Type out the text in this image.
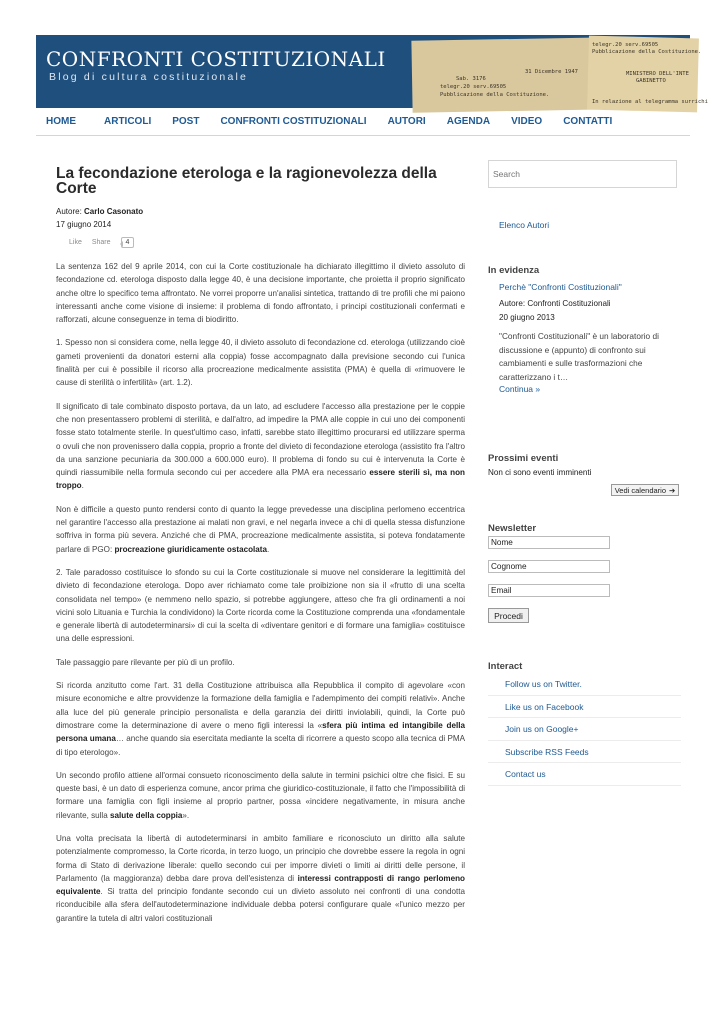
telegr.20 serv.69505
Pubblicazione della Costituzione.
Sab. 3176
31 Dicembre 1947
telegr.20 serv.69505
Pubblicazione della Costituzione.
MINISTERO DELL'INTE
GABINETTO
In relazione al telegramma surrichi
CONFRONTI COSTITUZIONALI
Blog di cultura costituzionale
HOME	ARTICOLI POST CONFRONTI COSTITUZIONALI AUTORI AGENDA VIDEO CONTATTI
La fecondazione eterologa e la ragionevolezza della Corte
Autore: Carlo Casonato
17 giugno 2014
Like Share	4

La sentenza 162 del 9 aprile 2014, con cui la Corte costituzionale ha dichiarato illegittimo il divieto assoluto di fecondazione cd. eterologa disposto dalla legge 40, è una decisione importante, che proietta il proprio significato anche oltre lo specifico tema affrontato. Ne vorrei proporre un'analisi sintetica, trattando di tre profili che mi paiono interessanti anche come visione di insieme: il problema di fondo affrontato, i principi costituzionali confermati e rafforzati, alcune conseguenze in tema di biodiritto.

1. Spesso non si considera come, nella legge 40, il divieto assoluto di fecondazione cd. eterologa (utilizzando cioè gameti provenienti da donatori esterni alla coppia) fosse accompagnato dalla previsione secondo cui l'unica finalità per cui è possibile il ricorso alla procreazione medicalmente assistita (PMA) è quella di «rimuovere le cause di sterilità o infertilità» (art. 1.2).

Il significato di tale combinato disposto portava, da un lato, ad escludere l'accesso alla prestazione per le coppie che non presentassero problemi di sterilità, e dall'altro, ad impedire la PMA alle coppie in cui uno dei componenti fosse stato totalmente sterile. In quest'ultimo caso, infatti, sarebbe stato illegittimo procurarsi ed utilizzare sperma o ovuli che non provenissero dalla coppia, proprio a fronte del divieto di fecondazione eterologa (assistito fra l'altro da una sanzione pecuniaria da 300.000 a 600.000 euro). Il problema di fondo su cui è intervenuta la Corte è quindi riassumibile nella formula secondo cui per accedere alla PMA era necessario essere sterili sì, ma non troppo.

Non è difficile a questo punto rendersi conto di quanto la legge prevedesse una disciplina perlomeno eccentrica nel garantire l'accesso alla prestazione ai malati non gravi, e nel negarla invece a chi di quella stessa disfunzione soffriva in forma più severa. Anziché che di PMA, procreazione medicalmente assistita, si poteva fondatamente parlare di PGO: procreazione giuridicamente ostacolata.

2. Tale paradosso costituisce lo sfondo su cui la Corte costituzionale si muove nel considerare la legittimità del divieto di fecondazione eterologa. Dopo aver richiamato come tale proibizione non sia il «frutto di una scelta consolidata nel tempo» (e nemmeno nello spazio, si potrebbe aggiungere, atteso che fra gli ordinamenti a noi vicini solo Lituania e Turchia la condividono) la Corte ricorda come la Costituzione comprenda una «fondamentale e generale libertà di autodeterminarsi» di cui la scelta di «diventare genitori e di formare una famiglia» costituisce una delle espressioni.

Tale passaggio pare rilevante per più di un profilo.

Si ricorda anzitutto come l'art. 31 della Costituzione attribuisca alla Repubblica il compito di agevolare «con misure economiche e altre provvidenze la formazione della famiglia e l'adempimento dei compiti relativi». Anche alla luce del più generale principio personalista e della garanzia dei diritti inviolabili, quindi, la Corte può dimostrare come la determinazione di avere o meno figli interessi la «sfera più intima ed intangibile della persona umana… anche quando sia esercitata mediante la scelta di ricorrere a questo scopo alla tecnica di PMA di tipo eterologo».

Un secondo profilo attiene all'ormai consueto riconoscimento della salute in termini psichici oltre che fisici. E su queste basi, è un dato di esperienza comune, ancor prima che giuridico-costituzionale, il fatto che l'impossibilità di formare una famiglia con figli insieme al proprio partner, possa «incidere negativamente, in misura anche rilevante, sulla salute della coppia».

Una volta precisata la libertà di autodeterminarsi in ambito familiare e riconosciuto un diritto alla salute potenzialmente compromesso, la Corte ricorda, in terzo luogo, un principio che dovrebbe essere la regola in ogni forma di Stato di derivazione liberale: quello secondo cui per imporre divieti o limiti ai diritti delle persone, il Parlamento (la maggioranza) debba dare prova dell'esistenza di interessi contrapposti di rango perlomeno equivalente. Si tratta del principio fondante secondo cui un divieto assoluto nei confronti di una condotta riconducibile alla sfera dell'autodeterminazione individuale debba potersi configurare quale «l'unico mezzo per garantire la tutela di altri valori costituzionali

Search
Elenco Autori
In evidenza
Perchè "Confronti Costituzionali"
Autore: Confronti Costituzionali
20 giugno 2013
"Confronti Costituzionali" è un laboratorio di discussione e (appunto) di confronto sui cambiamenti e sulle trasformazioni che caratterizzano i t…
Continua »
Prossimi eventi
Non ci sono eventi imminenti
Vedi calendario ➔
Newsletter
Nome
Cognome
Email
Procedi
Interact
Follow us on Twitter.
Like us on Facebook
Join us on Google+
Subscribe RSS Feeds
Contact us
